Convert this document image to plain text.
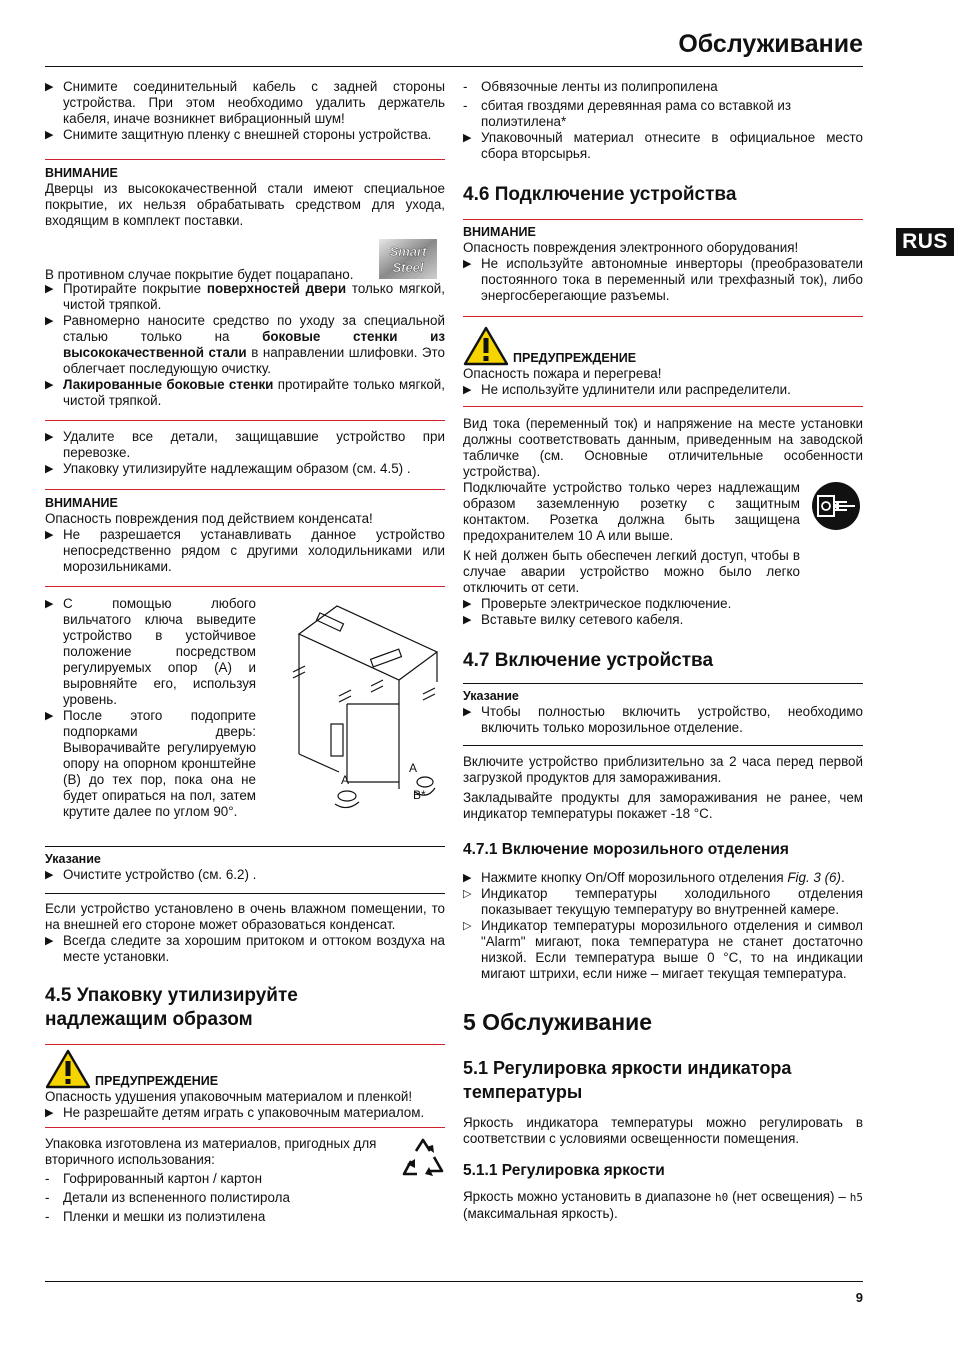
Обслуживание
RUS
▶ Снимите соединительный кабель с задней стороны устройства. При этом необходимо удалить держатель кабеля, иначе возникнет вибрационный шум!
▶ Снимите защитную пленку с внешней стороны устройства.
ВНИМАНИЕ

Дверцы из высококачественной стали имеют специальное покрытие, их нельзя обрабатывать средством для ухода, входящим в комплект поставки.

Smart
Steel

В противном случае покрытие будет поцарапано.

▶ Протирайте покрытие поверхностей двери только мягкой, чистой тряпкой.
▶ Равномерно наносите средство по уходу за специальной сталью только на боковые стенки из высококачественной стали в направлении шлифовки. Это облегчает последующую очистку.
▶ Лакированные боковые стенки протирайте только мягкой, чистой тряпкой.
▶ Удалите все детали, защищавшие устройство при перевозке.
▶ Упаковку утилизируйте надлежащим образом (см. 4.5) .
ВНИМАНИЕ

Опасность повреждения под действием конденсата!

▶ Не разрешается устанавливать данное устройство непосредственно рядом с другими холодильниками или морозильниками.
▶ С помощью любого вильчатого ключа выведите устройство в устойчивое положение посредством регулируемых опор (A) и выровняйте его, используя уровень.
▶ После этого подоприте подпорками дверь: Выворачивайте регулируемую опору на опорном кронштейне (B) до тех пор, пока она не будет опираться на пол, затем крутите далее по углом 90°.
A
A
B*
Указание
▶ Очистите устройство (см. 6.2) .

Если устройство установлено в очень влажном помещении, то на внешней его стороне может образоваться конденсат.

▶ Всегда следите за хорошим притоком и оттоком воздуха на месте установки.
4.5 Упаковку утилизируйте надлежащим образом
ПРЕДУПРЕЖДЕНИЕ

Опасность удушения упаковочным материалом и пленкой!

▶ Не разрешайте детям играть с упаковочным материалом.

Упаковка изготовлена из материалов, пригодных для вторичного использования:

- Гофрированный картон / картон
- Детали из вспененного полистирола
- Пленки и мешки из полиэтилена
- Обвязочные ленты из полипропилена
- сбитая гвоздями деревянная рама со вставкой из полиэтилена*
▶ Упаковочный материал отнесите в официальное место сбора вторсырья.
4.6 Подключение устройства
ВНИМАНИЕ

Опасность повреждения электронного оборудования!

▶ Не используйте автономные инверторы (преобразователи постоянного тока в переменный или трехфазный ток), либо энергосберегающие разъемы.
ПРЕДУПРЕЖДЕНИЕ

Опасность пожара и перегрева!

▶ Не используйте удлинители или распределители.

Вид тока (переменный ток) и напряжение на месте установки должны соответствовать данным, приведенным на заводской табличке (см. Основные отличительные особенности устройства).

Подключайте устройство только через надлежащим образом заземленную розетку с защитным контактом. Розетка должна быть защищена предохранителем 10 A или выше.

К ней должен быть обеспечен легкий доступ, чтобы в случае аварии устройство можно было легко отключить от сети.

▶ Проверьте электрическое подключение.
▶ Вставьте вилку сетевого кабеля.
4.7 Включение устройства
Указание
▶ Чтобы полностью включить устройство, необходимо включить только морозильное отделение.

Включите устройство приблизительно за 2 часа перед первой загрузкой продуктов для замораживания.

Закладывайте продукты для замораживания не ранее, чем индикатор температуры покажет -18 °C.

4.7.1 Включение морозильного отделения
▶ Нажмите кнопку On/Off морозильного отделения Fig. 3 (6).
▷ Индикатор температуры холодильного отделения показывает текущую температуру во внутренней камере.
▷ Индикатор температуры морозильного отделения и символ "Alarm" мигают, пока температура не станет достаточно низкой. Если температура выше 0 °C, то на индикации мигают штрихи, если ниже – мигает текущая температура.
5 Обслуживание
5.1 Регулировка яркости индикатора температуры

Яркость индикатора температуры можно регулировать в соответствии с условиями освещенности помещения.

5.1.1 Регулировка яркости

Яркость можно установить в диапазоне h0 (нет освещения) – h5 (максимальная яркость).

9
